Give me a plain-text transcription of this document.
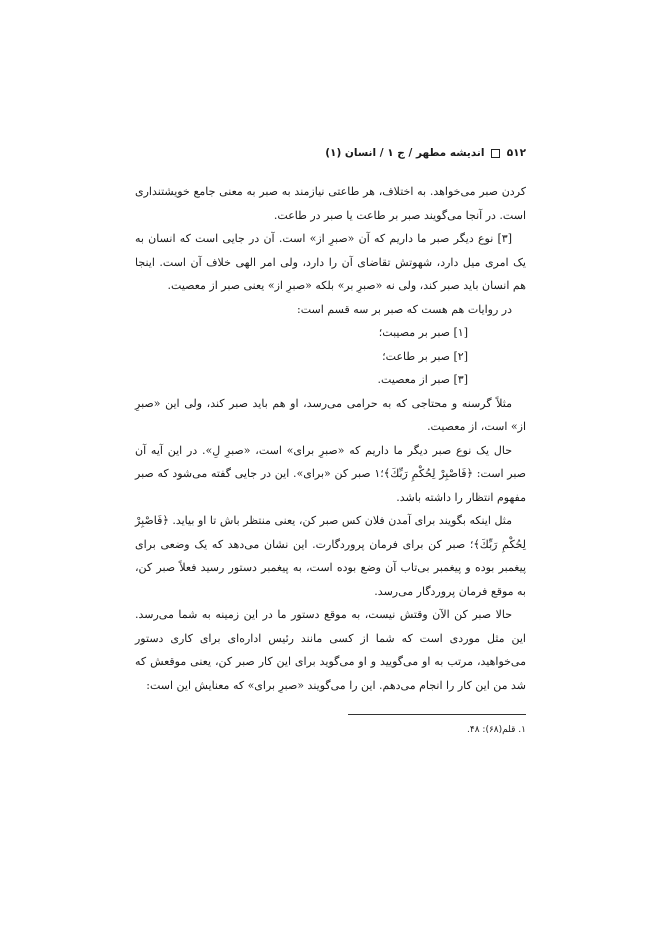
۵۱۲  اندیشه مطهر / ج ۱ / انسان (۱)

کردن صبر می‌خواهد. به اختلاف، هر طاعتی نیازمند به صبر به معنی جامع خویشتنداری است. در آنجا می‌گویند صبر بر طاعت یا صبر در طاعت.

[۳] نوع دیگر صبر ما داریم که آن «صبرِ از» است. آن در جایی است که انسان به یک امری میل دارد، شهوتش تقاضای آن را دارد، ولی امر الهی خلاف آن است. اینجا هم انسان باید صبر کند، ولی نه «صبرِ بر» بلکه «صبرِ از» یعنی صبر از معصیت.

در روایات هم هست که صبر بر سه قسم است:

[۱] صبر بر مصیبت؛

[۲] صبر بر طاعت؛

[۳] صبر از معصیت.

مثلاً گرسنه و محتاجی که به حرامی می‌رسد، او هم باید صبر کند، ولی این «صبرِ از» است، از معصیت.

حال یک نوع صبر دیگر ما داریم که «صبرِ برای» است، «صبرِ لِ». در این آیه آن صبر است: ﴿فَاصْبِرْ لِحُكْمِ رَبِّكَ﴾؛۱ صبر کن «برای». این در جایی گفته می‌شود که صبر مفهوم انتظار را داشته باشد.

مثل اینکه بگویند برای آمدن فلان کس صبر کن، یعنی منتظر باش تا او بیاید. ﴿فَاصْبِرْ لِحُكْمِ رَبِّكَ﴾؛ صبر کن برای فرمان پروردگارت. این نشان می‌دهد که یک وضعی برای پیغمبر بوده و پیغمبر بی‌تاب آن وضع بوده است، به پیغمبر دستور رسید فعلاً صبر کن، به موقع فرمان پروردگار می‌رسد.

حالا صبر کن الآن وقتش نیست، به موقع دستور ما در این زمینه به شما می‌رسد. این مثل موردی است که شما از کسی مانند رئیس اداره‌ای برای کاری دستور می‌خواهید، مرتب به او می‌گویید و او می‌گوید برای این کار صبر کن، یعنی موقعش که شد من این کار را انجام می‌دهم. این را می‌گویند «صبرِ برای» که معنایش این است:

۱. قلم(۶۸): ۴۸.
